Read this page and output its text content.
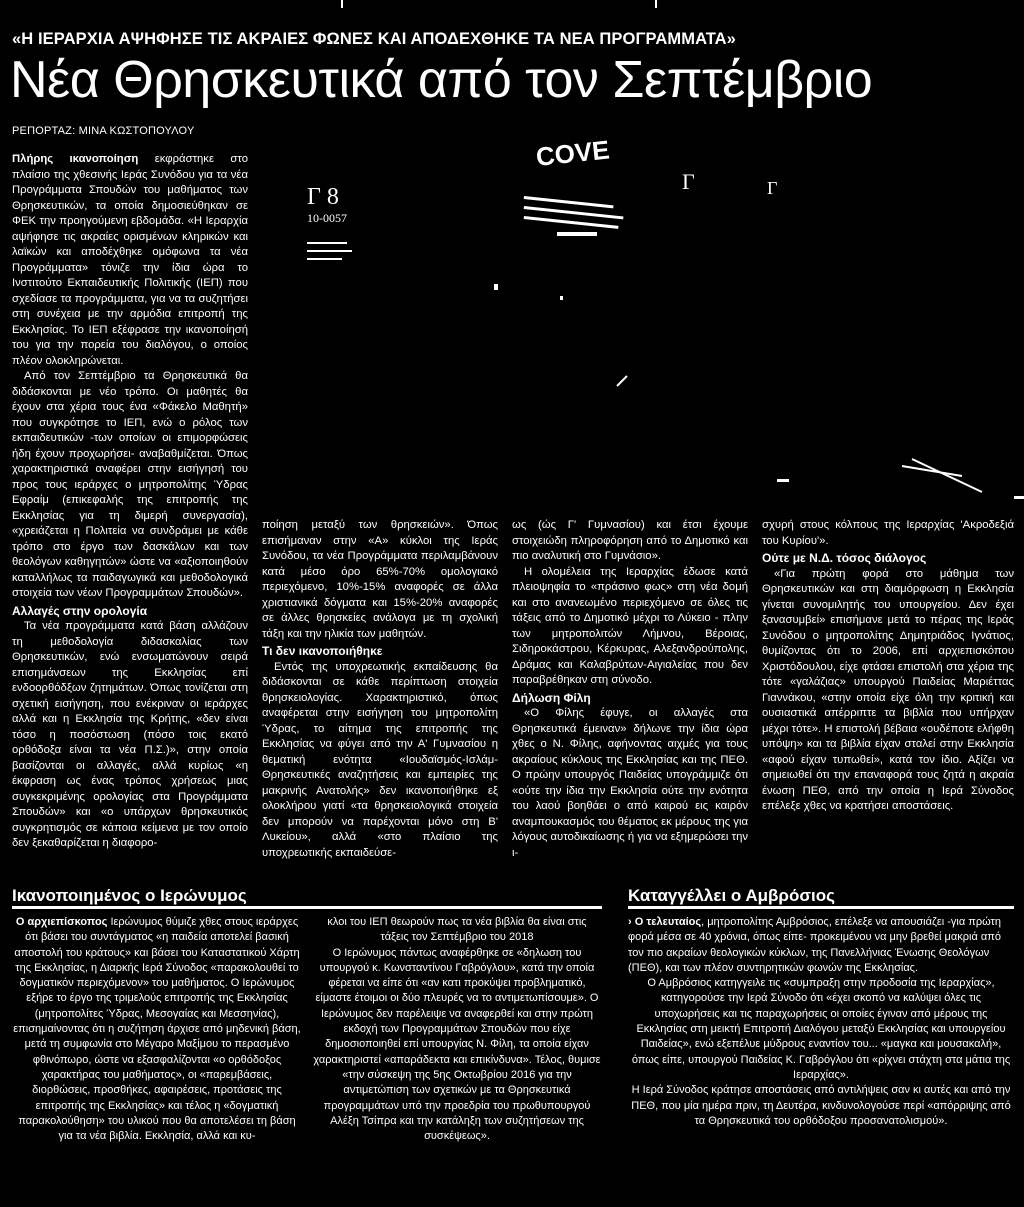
«Η ΙΕΡΑΡΧΙΑ ΑΨΗΦΗΣΕ ΤΙΣ ΑΚΡΑΙΕΣ ΦΩΝΕΣ ΚΑΙ ΑΠΟΔΕΧΘΗΚΕ ΤΑ ΝΕΑ ΠΡΟΓΡΑΜΜΑΤΑ»
Νέα Θρησκευτικά από τον Σεπτέμβριο
ΡΕΠΟΡΤΑΖ: ΜΙΝΑ ΚΩΣΤΟΠΟΥΛΟΥ

Πλήρης ικανοποίηση εκφράστηκε στο πλαίσιο της χθεσινής Ιεράς Συνόδου για τα νέα Προγράμματα Σπουδών του μαθήματος των Θρησκευτικών, τα οποία δημοσιεύθηκαν σε ΦΕΚ την προηγούμενη εβδομάδα. «Η Ιεραρχία αψήφησε τις ακραίες ορισμένων κληρικών και λαϊκών και αποδέχθηκε ομόφωνα τα νέα Προγράμματα» τόνιζε την ίδια ώρα το Ινστιτούτο Εκπαιδευτικής Πολιτικής (ΙΕΠ) που σχεδίασε τα προγράμματα, για να τα συζητήσει στη συνέχεια με την αρμόδια επιτροπή της Εκκλησίας. Το ΙΕΠ εξέφρασε την ικανοποίησή του για την πορεία του διαλόγου, ο οποίος πλέον ολοκληρώνεται.

Από τον Σεπτέμβριο τα Θρησκευτικά θα διδάσκονται με νέο τρόπο. Οι μαθητές θα έχουν στα χέρια τους ένα «Φάκελο Μαθητή» που συγκρότησε το ΙΕΠ, ενώ ο ρόλος των εκπαιδευτικών -των οποίων οι επιμορφώσεις ήδη έχουν προχωρήσει- αναβαθμίζεται. Όπως χαρακτηριστικά αναφέρει στην εισήγησή του προς τους ιεράρχες ο μητροπολίτης Ύδρας Εφραίμ (επικεφαλής της επιτροπής της Εκκλησίας για τη διμερή συνεργασία), «χρειάζεται η Πολιτεία να συνδράμει με κάθε τρόπο στο έργο των δασκάλων και των θεολόγων καθηγητών» ώστε να «αξιοποιηθούν καταλλήλως τα παιδαγωγικά και μεθοδολογικά στοιχεία των νέων Προγραμμάτων Σπουδών».

Αλλαγές στην ορολογία

Τα νέα προγράμματα κατά βάση αλλάζουν τη μεθοδολογία διδασκαλίας των Θρησκευτικών, ενώ ενσωματώνουν σειρά επισημάνσεων της Εκκλησίας επί ενδοορθόδξων ζητημάτων. Όπως τονίζεται στη σχετική εισήγηση, που ενέκριναν οι ιεράρχες αλλά και η Εκκλησία της Κρήτης, «δεν είναι τόσο η ποσόστωση (πόσο τοις εκατό ορθόδοξα είναι τα νέα Π.Σ.)», στην οποία βασίζονται οι αλλαγές, αλλά κυρίως «η έκφραση ως ένας τρόπος χρήσεως μιας συγκεκριμένης ορολογίας στα Προγράμματα Σπουδών» και «ο υπάρχων θρησκευτικός συγκρητισμός σε κάποια κείμενα με τον οποίο δεν ξεκαθαρίζεται η διαφορο-

Γ 8
10-0057
COVE
Γ	Γ

ποίηση μεταξύ των θρησκειών». Όπως επισήμαναν στην «Α» κύκλοι της Ιεράς Συνόδου, τα νέα Προγράμματα περιλαμβάνουν κατά μέσο όρο 65%-70% ομολογιακό περιεχόμενο, 10%-15% αναφορές σε άλλα χριστιανικά δόγματα και 15%-20% αναφορές σε άλλες θρησκείες ανάλογα με τη σχολική τάξη και την ηλικία των μαθητών.

Τι δεν ικανοποιήθηκε

Εντός της υποχρεωτικής εκπαίδευσης θα διδάσκονται σε κάθε περίπτωση στοιχεία θρησκειολογίας. Χαρακτηριστικό, όπως αναφέρεται στην εισήγηση του μητροπολίτη Ύδρας, το αίτημα της επιτροπής της Εκκλησίας να φύγει από την Α' Γυμνασίου η θεματική ενότητα «Ιουδαϊσμός-Ισλάμ-Θρησκευτικές αναζητήσεις και εμπειρίες της μακρινής Ανατολής» δεν ικανοποιήθηκε εξ ολοκλήρου γιατί «τα θρησκειολογικά στοιχεία δεν μπορούν να παρέχονται μόνο στη Β' Λυκείου», αλλά «στο πλαίσιο της υποχρεωτικής εκπαιδεύσε-

ως (ώς Γ' Γυμνασίου) και έτσι έχουμε στοιχειώδη πληροφόρηση από το Δημοτικό και πιο αναλυτική στο Γυμνάσιο».

Η ολομέλεια της Ιεραρχίας έδωσε κατά πλειοψηφία το «πράσινο φως» στη νέα δομή και στο ανανεωμένο περιεχόμενο σε όλες τις τάξεις από το Δημοτικό μέχρι το Λύκειο - πλην των μητροπολιτών Λήμνου, Βέροιας, Σιδηροκάστρου, Κέρκυρας, Αλεξανδρούπολης, Δράμας και Καλαβρύτων-Αιγιαλείας που δεν παραβρέθηκαν στη σύνοδο.

Δήλωση Φίλη

«Ο Φίλης έφυγε, οι αλλαγές στα Θρησκευτικά έμειναν» δήλωνε την ίδια ώρα χθες ο Ν. Φίλης, αφήνοντας αιχμές για τους ακραίους κύκλους της Εκκλησίας και της ΠΕΘ. Ο πρώην υπουργός Παιδείας υπογράμμιζε ότι «ούτε την ίδια την Εκκλησία ούτε την ενότητα του λαού βοηθάει ο από καιρού εις καιρόν αναμπουκασμός του θέματος εκ μέρους της για λόγους αυτοδικαίωσης ή για να εξημερώσει την ι-

σχυρή στους κόλπους της Ιεραρχίας 'Ακροδεξιά του Κυρίου'».

Ούτε με Ν.Δ. τόσος διάλογος

«Για πρώτη φορά στο μάθημα των Θρησκευτικών και στη διαμόρφωση η Εκκλησία γίνεται συνομιλητής του υπουργείου. Δεν έχει ξανασυμβεί» επισήμανε μετά το πέρας της Ιεράς Συνόδου ο μητροπολίτης Δημητριάδος Ιγνάτιος, θυμίζοντας ότι το 2006, επί αρχιεπισκόπου Χριστόδουλου, είχε φτάσει επιστολή στα χέρια της τότε «γαλάζιας» υπουργού Παιδείας Μαριέττας Γιαννάκου, «στην οποία είχε όλη την κριτική και ουσιαστικά απέρριπτε τα βιβλία που υπήρχαν μέχρι τότε». Η επιστολή βέβαια «ουδέποτε ελήφθη υπόψη» και τα βιβλία είχαν σταλεί στην Εκκλησία «αφού είχαν τυπωθεί», κατά τον ίδιο. Αξίζει να σημειωθεί ότι την επαναφορά τους ζητά η ακραία ένωση ΠΕΘ, από την οποία η Ιερά Σύνοδος επέλεξε χθες να κρατήσει αποστάσεις.

Ικανοποιημένος ο Ιερώνυμος	Καταγγέλλει ο Αμβρόσιος

Ο αρχιεπίσκοπος Ιερώνυμος θύμιζε χθες στους ιεράρχες ότι βάσει του συντάγματος «η παιδεία αποτελεί βασική αποστολή του κράτους» και βάσει του Καταστατικού Χάρτη της Εκκλησίας, η Διαρκής Ιερά Σύνοδος «παρακολουθεί το δογματικόν περιεχόμενον» του μαθήματος. Ο Ιερώνυμος εξήρε το έργο της τριμελούς επιτροπής της Εκκλησίας (μητροπολίτες Ύδρας, Μεσογαίας και Μεσσηνίας), επισημαίνοντας ότι η συζήτηση άρχισε από μηδενική βάση, μετά τη συμφωνία στο Μέγαρο Μαξίμου το περασμένο φθινόπωρο, ώστε να εξασφαλίζονται «ο ορθόδοξος χαρακτήρας του μαθήματος», οι «παρεμβάσεις, διορθώσεις, προσθήκες, αφαιρέσεις, προτάσεις της επιτροπής της Εκκλησίας» και τέλος η «δογματική παρακολούθηση» του υλικού που θα αποτελέσει τη βάση για τα νέα βιβλία. Εκκλησία, αλλά και κυ-

κλοι του ΙΕΠ θεωρούν πως τα νέα βιβλία θα είναι στις τάξεις τον Σεπτέμβριο του 2018

Ο Ιερώνυμος πάντως αναφέρθηκε σε «δηλωση του υπουργού κ. Κωνσταντίνου Γαβρόγλου», κατά την οποία φέρεται να είπε ότι «αν κατι προκύψει προβληματικό, είμαστε έτοιμοι οι δύο πλευρές να το αντιμετωπίσουμε». Ο Ιερώνυμος δεν παρέλειψε να αναφερθεί και στην πρώτη εκδοχή των Προγραμμάτων Σπουδών που είχε δημοσιοποιηθεί επί υπουργίας Ν. Φίλη, τα οποία είχαν χαρακτηριστεί «απαράδεκτα και επικίνδυνα». Τέλος, θυμισε «την σύσκεψη της 5ης Οκτωβρίου 2016 για την αντιμετώπιση των σχετικών με τα Θρησκευτικά προγραμμάτων υπό την προεδρία του πρωθυπουργού Αλέξη Τσίπρα και την κατάληξη των συζητήσεων της συσκέψεως».

› Ο τελευταίος, μητροπολίτης Αμβρόσιος, επέλεξε να απουσιάζει -για πρώτη φορά μέσα σε 40 χρόνια, όπως είπε- προκειμένου να μην βρεθεί μακριά από τον πιο ακραίων θεολογικών κύκλων, της Πανελλήνιας Ένωσης Θεολόγων (ΠΕΘ), και των πλέον συντηρητικών φωνών της Εκκλησίας.

Ο Αμβρόσιος κατηγγειλε τις «συμπραξη στην προδοσία της Ιεραρχίας», κατηγορούσε την Ιερά Σύνοδο ότι «έχει σκοπό να καλύψει όλες τις υποχωρήσεις και τις παραχωρήσεις οι οποίες έγιναν από μέρους της Εκκλησίας στη μεικτή Επιτροπή Διαλόγου μεταξύ Εκκλησίας και υπουργείου Παιδείας», ενώ εξεπέλυε μύδρους εναντίον του... «μαγκα και μουσακαλή», όπως είπε, υπουργού Παιδείας Κ. Γαβρόγλου ότι «ρίχνει στάχτη στα μάτια της Ιεραρχίας».

Η Ιερά Σύνοδος κράτησε αποστάσεις από αντιλήψεις σαν κι αυτές και από την ΠΕΘ, που μία ημέρα πριν, τη Δευτέρα, κινδυνολογούσε περί «απόρριψης από τα Θρησκευτικά του ορθόδοξου προσανατολισμού».
